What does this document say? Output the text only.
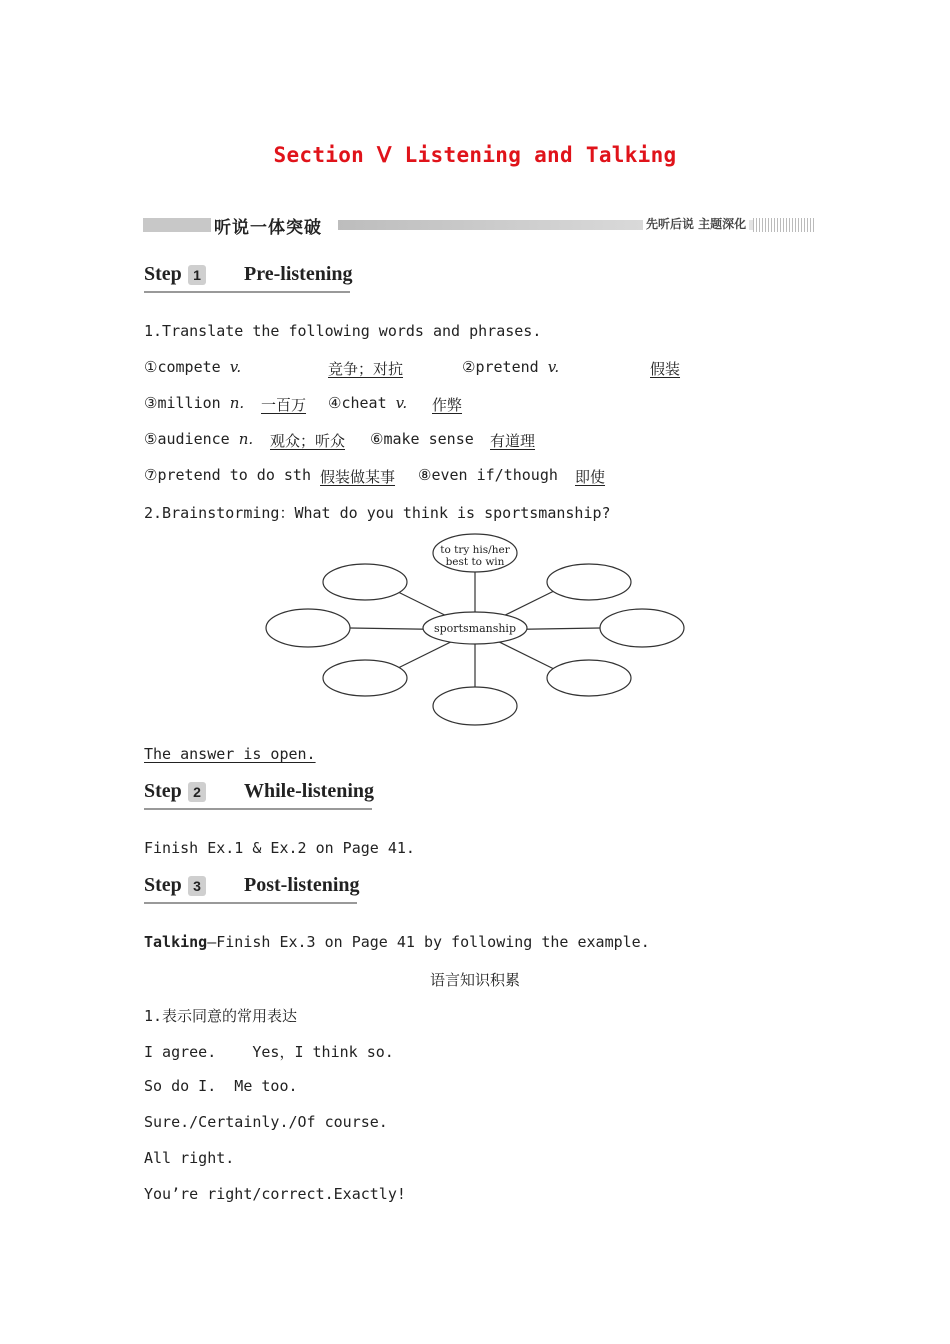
Section Ⅴ Listening and Talking
听说一体突破	先听后说 主题深化
Step 1 Pre-listening
1.Translate the following words and phrases.
①compete v.	竞争；对抗	②pretend v.	假装
③million n. 一百万 ④cheat v. 作弊
⑤audience n. 观众；听众 ⑥make sense 有道理
⑦pretend to do sth 假装做某事 ⑧even if/though 即使
2.Brainstorming：What do you think is sportsmanship?
to try his/her
best to win
sportsmanship
The answer is open.
Step 2 While-listening
Finish Ex.1 & Ex.2 on Page 41.
Step 3 Post-listening
Talking—Finish Ex.3 on Page 41 by following the example.
语言知识积累
1.表示同意的常用表达
I agree.    Yes，I think so.
So do I.  Me too.
Sure./Certainly./Of course.
All right.
You’re right/correct.Exactly!
